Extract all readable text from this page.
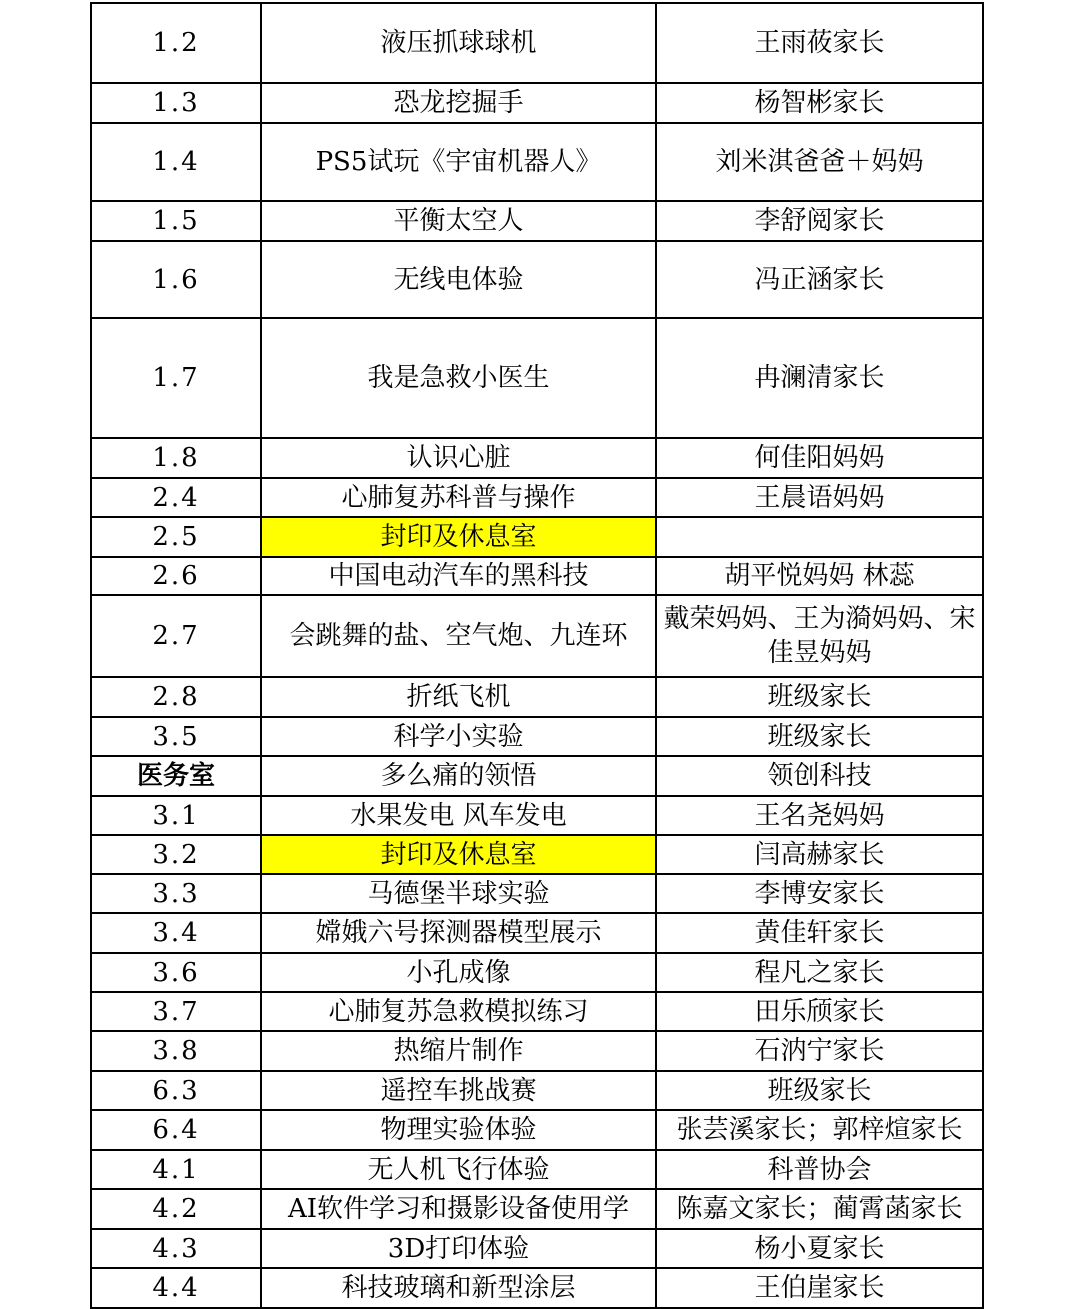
1.2	液压抓球球机	王雨莜家长
1.3	恐龙挖掘手	杨智彬家长
1.4	PS5试玩《宇宙机器人》	刘米淇爸爸＋妈妈
1.5	平衡太空人	李舒阅家长
1.6	无线电体验	冯正涵家长
1.7	我是急救小医生	冉澜清家长
1.8	认识心脏	何佳阳妈妈
2.4	心肺复苏科普与操作	王晨语妈妈
2.5	封印及休息室	
2.6	中国电动汽车的黑科技	胡平悦妈妈 林蕊
2.7	会跳舞的盐、空气炮、九连环	戴荣妈妈、王为漪妈妈、宋佳昱妈妈
2.8	折纸飞机	班级家长
3.5	科学小实验	班级家长
医务室	多么痛的领悟	领创科技
3.1	水果发电 风车发电	王名尧妈妈
3.2	封印及休息室	闫高赫家长
3.3	马德堡半球实验	李博安家长
3.4	嫦娥六号探测器模型展示	黄佳轩家长
3.6	小孔成像	程凡之家长
3.7	心肺复苏急救模拟练习	田乐颀家长
3.8	热缩片制作	石汭宁家长
6.3	遥控车挑战赛	班级家长
6.4	物理实验体验	张芸溪家长；郭梓煊家长
4.1	无人机飞行体验	科普协会
4.2	AI软件学习和摄影设备使用学	陈嘉文家长；蔺霄菡家长
4.3	3D打印体验	杨小夏家长
4.4	科技玻璃和新型涂层	王伯崖家长
